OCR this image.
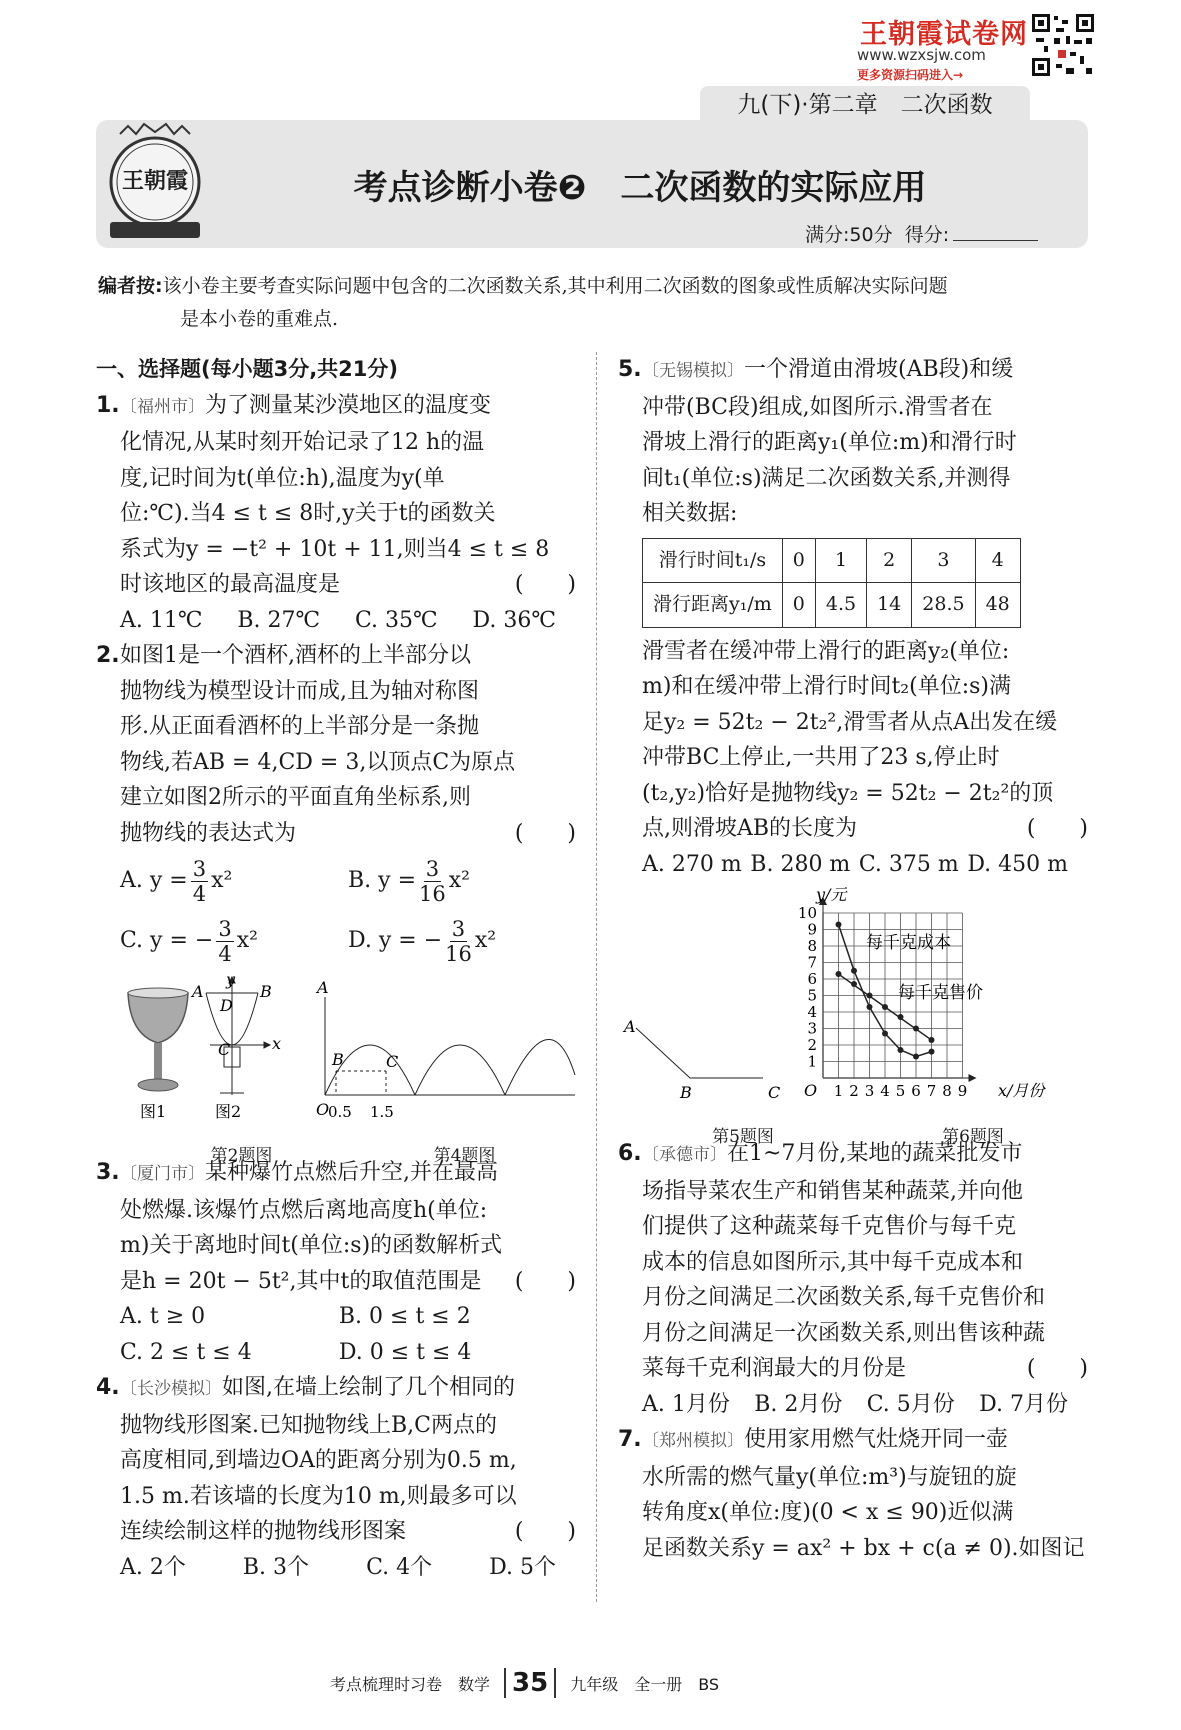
王朝霞试卷网
www.wzxsjw.com
更多资源扫码进入→
九(下)·第二章　二次函数
王朝霞	考点诊断小卷❷　二次函数的实际应用
满分:50分 得分:
编者按:该小卷主要考查实际问题中包含的二次函数关系,其中利用二次函数的图象或性质解决实际问题
是本小卷的重难点.
一、选择题(每小题3分,共21分)
1.〔福州市〕为了测量某沙漠地区的温度变
化情况,从某时刻开始记录了12 h的温
度,记时间为t(单位:h),温度为y(单
位:℃).当4 ≤ t ≤ 8时,y关于t的函数关
系式为y = −t² + 10t + 11,则当4 ≤ t ≤ 8
时该地区的最高温度是	(　　)
A. 11℃ B. 27℃ C. 35℃ D. 36℃
2.如图1是一个酒杯,酒杯的上半部分以
抛物线为模型设计而成,且为轴对称图
形.从正面看酒杯的上半部分是一条抛
物线,若AB = 4,CD = 3,以顶点C为原点
建立如图2所示的平面直角坐标系,则
抛物线的表达式为	(　　)
A. $y = \frac{3}{4} x^2$	B. $y = \frac{3}{16} x^2$
C. y = − $\frac{3}{4} x^2$	D. y = − $\frac{3}{16} x^2$
y
x
A	B
C
D
A
B	C
O
0.5 1.5
图1	图2
第2题图	第4题图
3.〔厦门市〕某种爆竹点燃后升空,并在最高
处燃爆.该爆竹点燃后离地高度h(单位:
m)关于离地时间t(单位:s)的函数解析式
是h = 20t − 5t²,其中t的取值范围是 (　　)
A. t ≥ 0	B. 0 ≤ t ≤ 2
C. 2 ≤ t ≤ 4	D. 0 ≤ t ≤ 4
4.〔长沙模拟〕如图,在墙上绘制了几个相同的
抛物线形图案.已知抛物线上B,C两点的
高度相同,到墙边OA的距离分别为0.5 m,
1.5 m.若该墙的长度为10 m,则最多可以
连续绘制这样的抛物线形图案	(　　)
A. 2个	B. 3个	C. 4个	D. 5个
5.〔无锡模拟〕一个滑道由滑坡(AB段)和缓
冲带(BC段)组成,如图所示.滑雪者在
滑坡上滑行的距离y₁(单位:m)和滑行时
间t₁(单位:s)满足二次函数关系,并测得
相关数据:
滑行时间t₁/s	0	1	2	3	4
滑行距离y₁/m	0	4.5	14	28.5	48
滑雪者在缓冲带上滑行的距离y₂(单位:
m)和在缓冲带上滑行时间t₂(单位:s)满
足y₂ = 52t₂ − 2t₂²,滑雪者从点A出发在缓
冲带BC上停止,一共用了23 s,停止时
(t₂,y₂)恰好是抛物线y₂ = 52t₂ − 2t₂²的顶
点,则滑坡AB的长度为	(　　)
A. 270 m B. 280 m C. 375 m D. 450 m
A
B	C
1
2
3
4
5
6
7
8
9
10
1 2 3 4 5 6 7 8 9
y/元
x/月份
O
每千克成本
每千克售价
第5题图	第6题图
6.〔承德市〕在1~7月份,某地的蔬菜批发市
场指导菜农生产和销售某种蔬菜,并向他
们提供了这种蔬菜每千克售价与每千克
成本的信息如图所示,其中每千克成本和
月份之间满足二次函数关系,每千克售价和
月份之间满足一次函数关系,则出售该种蔬
菜每千克利润最大的月份是	(　　)
A. 1月份 B. 2月份 C. 5月份 D. 7月份
7.〔郑州模拟〕使用家用燃气灶烧开同一壶
水所需的燃气量y(单位:m³)与旋钮的旋
转角度x(单位:度)(0 < x ≤ 90)近似满
足函数关系y = ax² + bx + c(a ≠ 0).如图记
考点梳理时习卷　数学 35	九年级　全一册　BS
